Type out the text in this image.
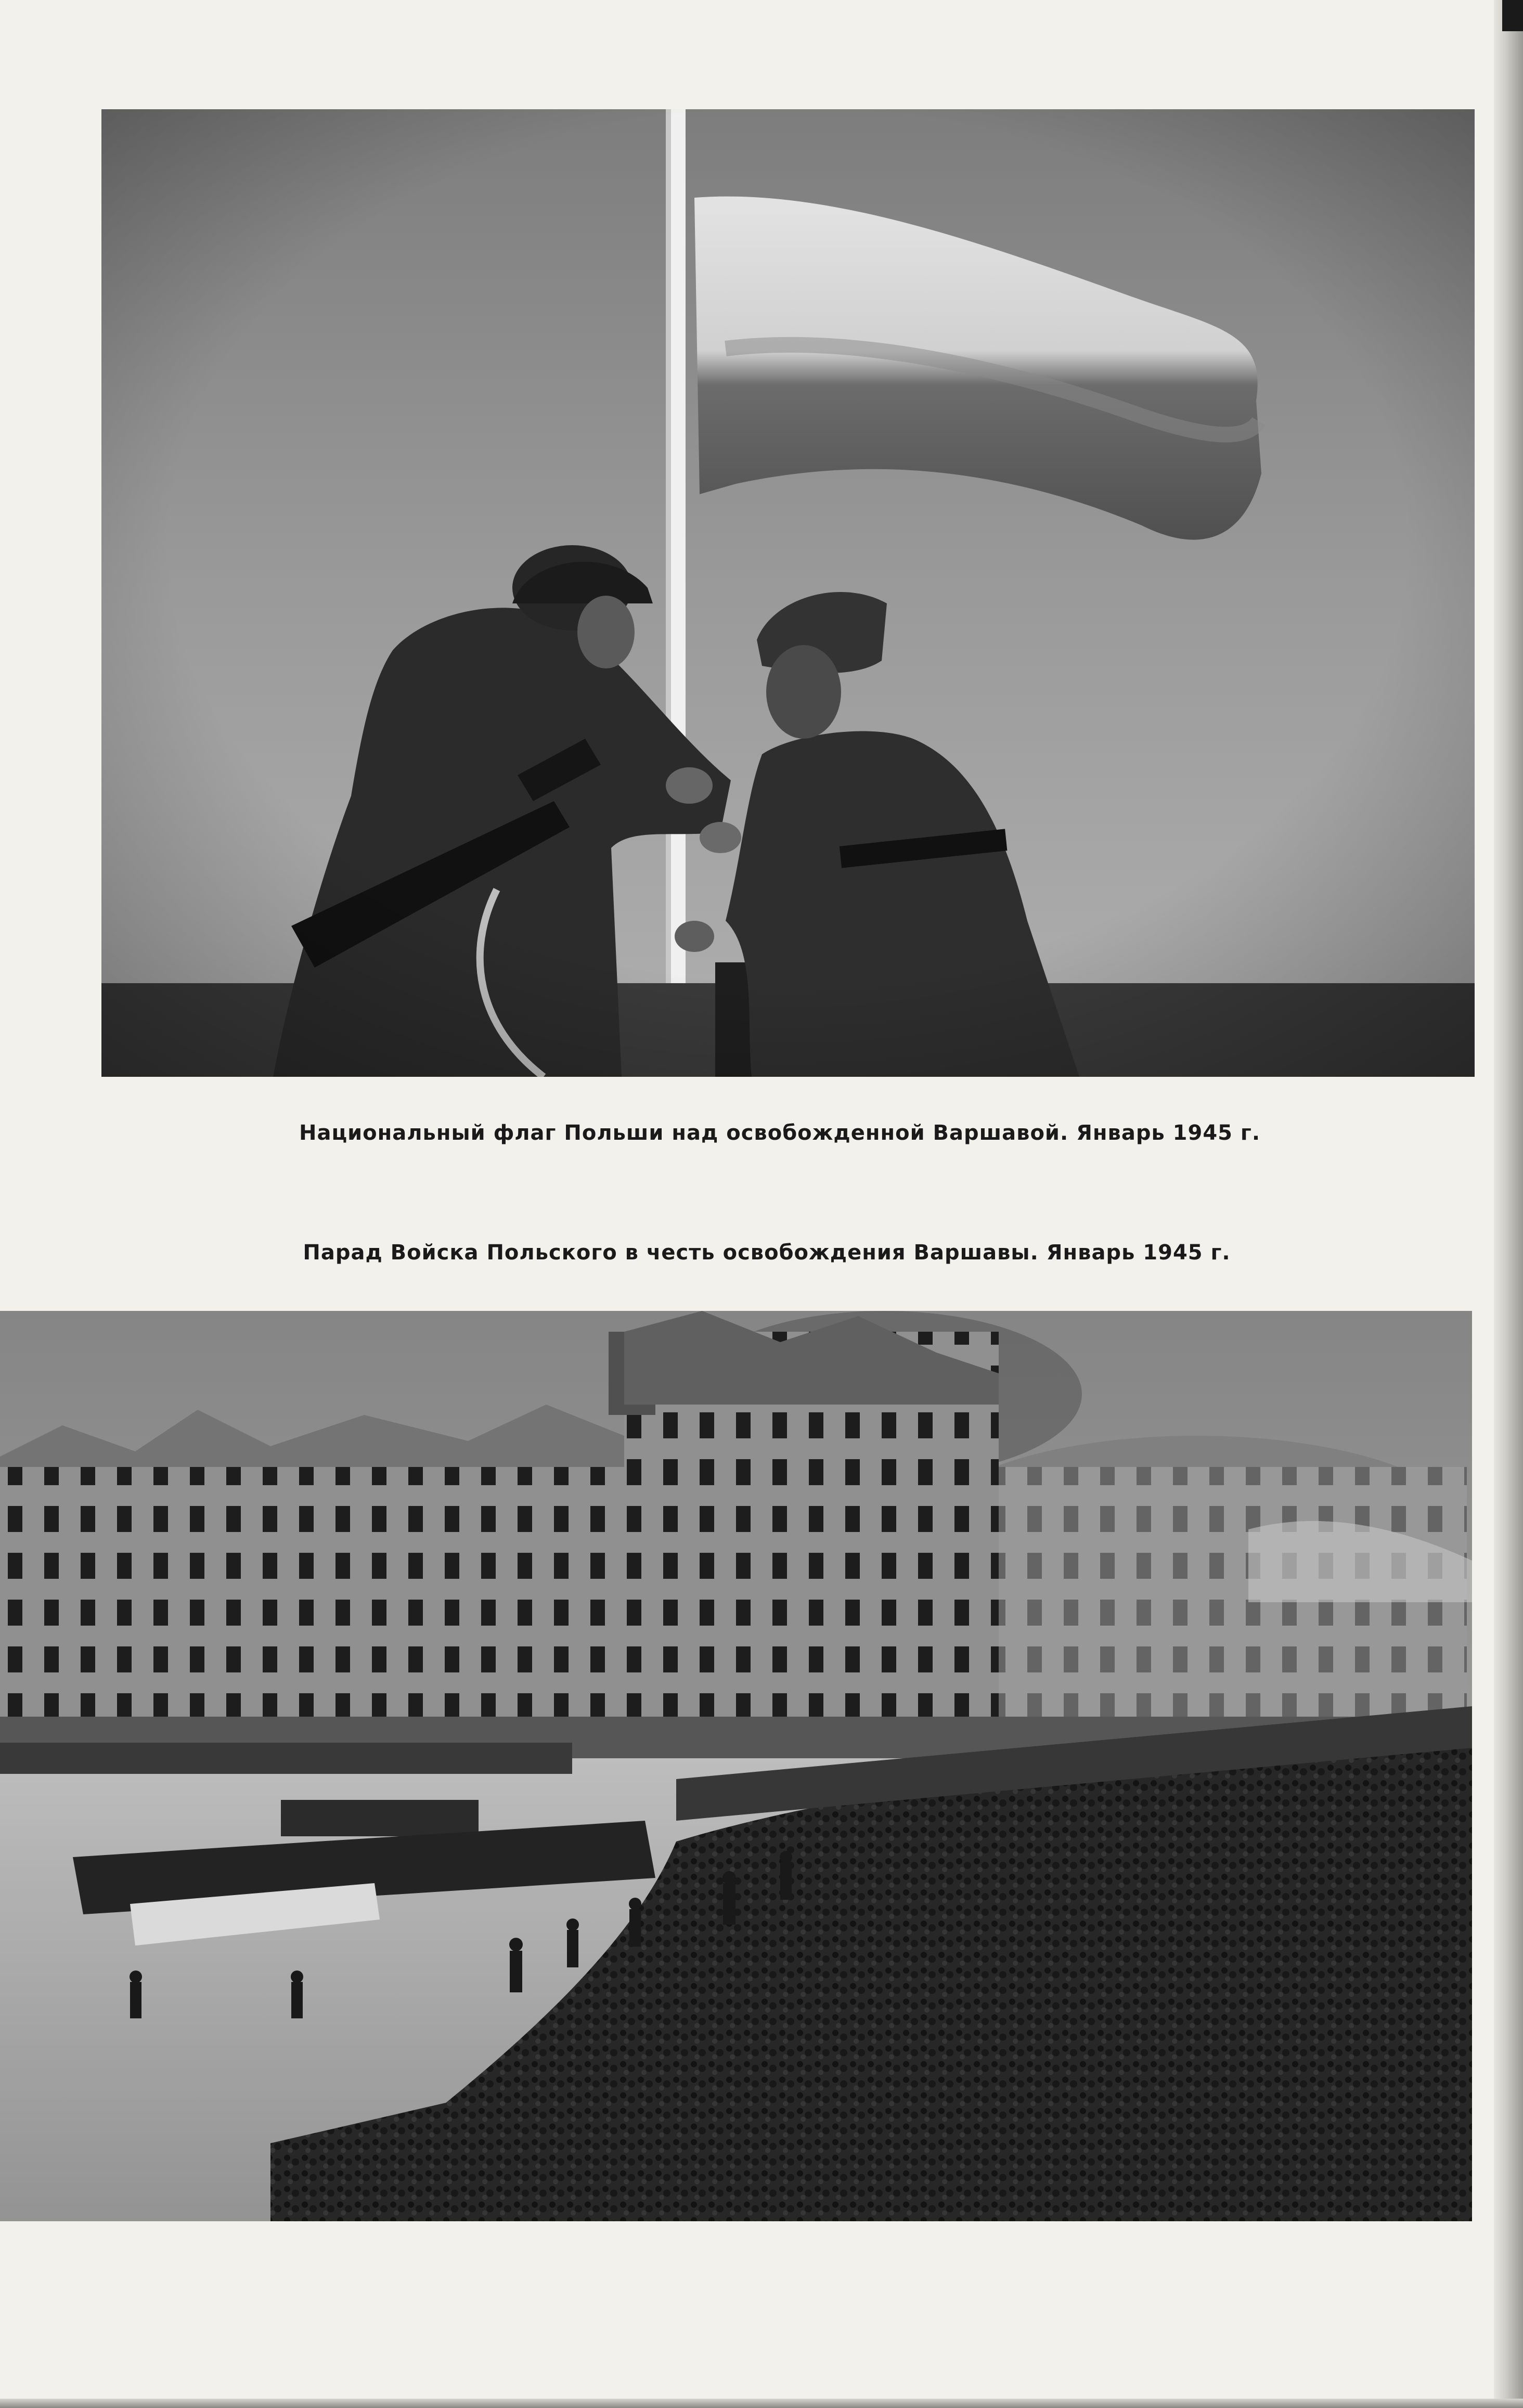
Национальный флаг Польши над освобожденной Варшавой. Январь 1945 г.
Парад Войска Польского в честь освобождения Варшавы. Январь 1945 г.
